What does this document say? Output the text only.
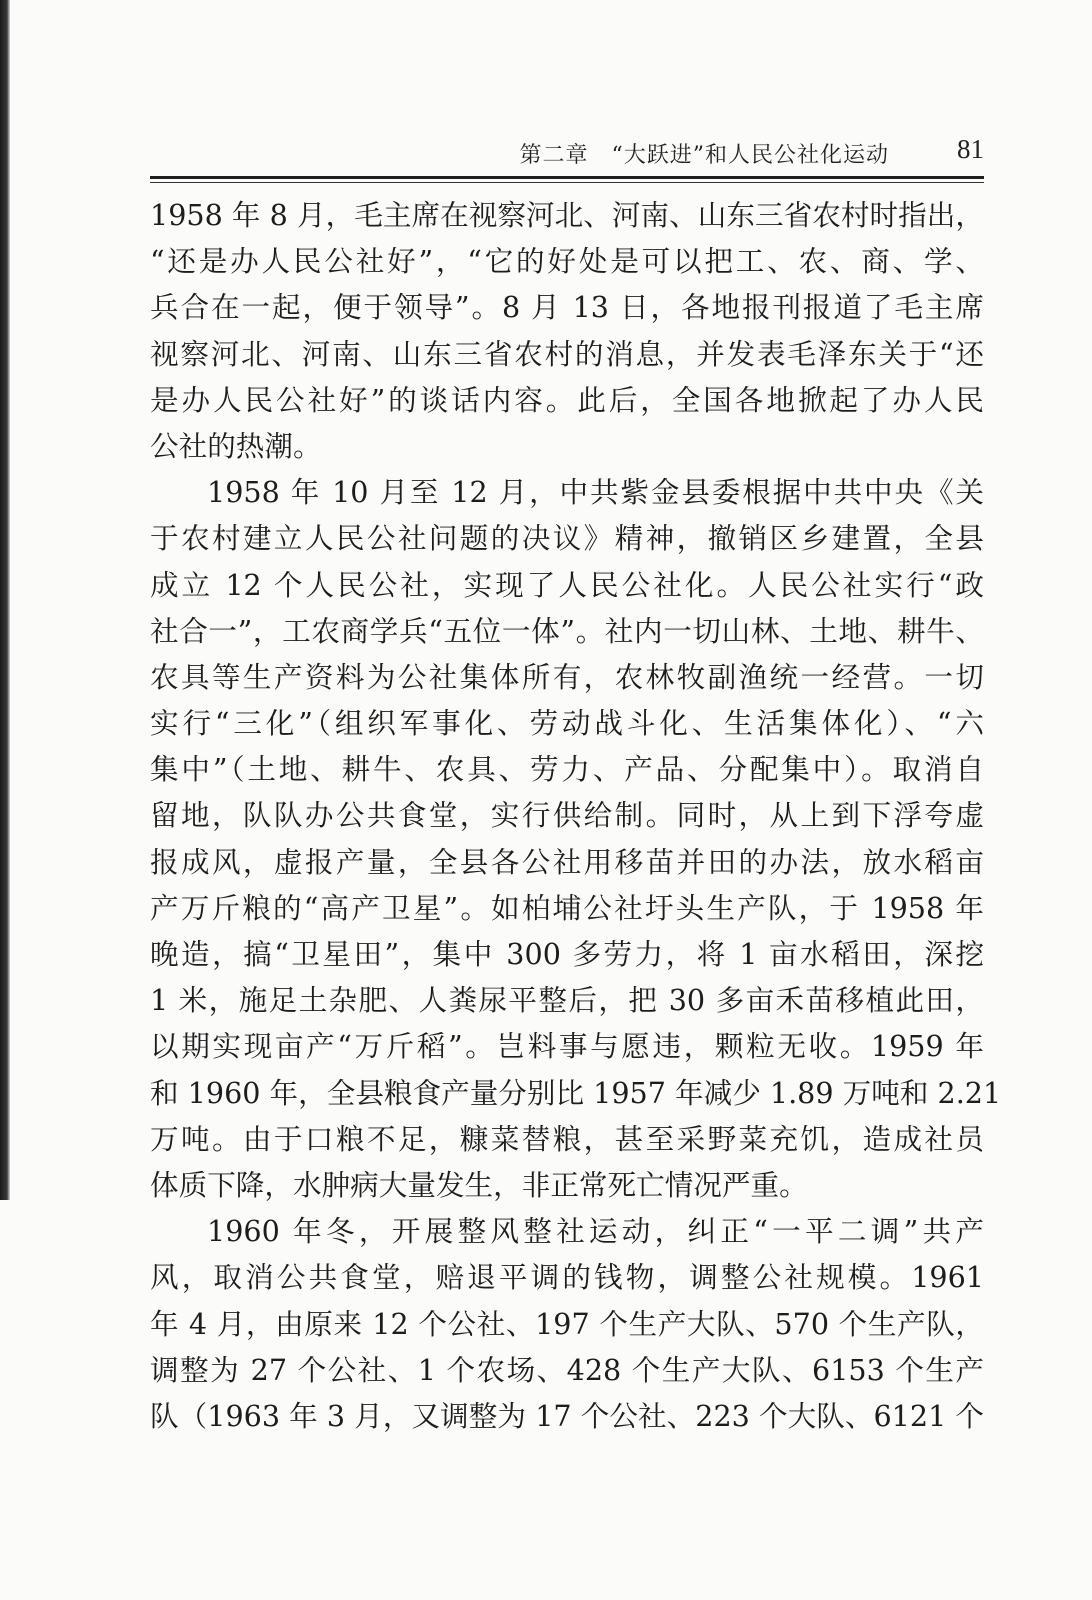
第二章　“大跃进”和人民公社化运动	81
1958 年 8 月，毛主席在视察河北、河南、山东三省农村时指出，
“还是办人民公社好”，“它的好处是可以把工、农、商、学、
兵合在一起，便于领导”。8 月 13 日，各地报刊报道了毛主席
视察河北、河南、山东三省农村的消息，并发表毛泽东关于“还
是办人民公社好”的谈话内容。此后，全国各地掀起了办人民
公社的热潮。
1958 年 10 月至 12 月，中共紫金县委根据中共中央《关
于农村建立人民公社问题的决议》精神，撤销区乡建置，全县
成立 12 个人民公社，实现了人民公社化。人民公社实行“政
社合一”，工农商学兵“五位一体”。社内一切山林、土地、耕牛、
农具等生产资料为公社集体所有，农林牧副渔统一经营。一切
实行“三化”（组织军事化、劳动战斗化、生活集体化）、“六
集中”（土地、耕牛、农具、劳力、产品、分配集中）。取消自
留地，队队办公共食堂，实行供给制。同时，从上到下浮夸虚
报成风，虚报产量，全县各公社用移苗并田的办法，放水稻亩
产万斤粮的“高产卫星”。如柏埔公社圩头生产队，于 1958 年
晚造，搞“卫星田”，集中 300 多劳力，将 1 亩水稻田，深挖
1 米，施足土杂肥、人粪尿平整后，把 30 多亩禾苗移植此田，
以期实现亩产“万斤稻”。岂料事与愿违，颗粒无收。1959 年
和 1960 年，全县粮食产量分别比 1957 年减少 1.89 万吨和 2.21
万吨。由于口粮不足，糠菜替粮，甚至采野菜充饥，造成社员
体质下降，水肿病大量发生，非正常死亡情况严重。
1960 年冬，开展整风整社运动，纠正“一平二调”共产
风，取消公共食堂，赔退平调的钱物，调整公社规模。1961
年 4 月，由原来 12 个公社、197 个生产大队、570 个生产队，
调整为 27 个公社、1 个农场、428 个生产大队、6153 个生产
队（1963 年 3 月，又调整为 17 个公社、223 个大队、6121 个
